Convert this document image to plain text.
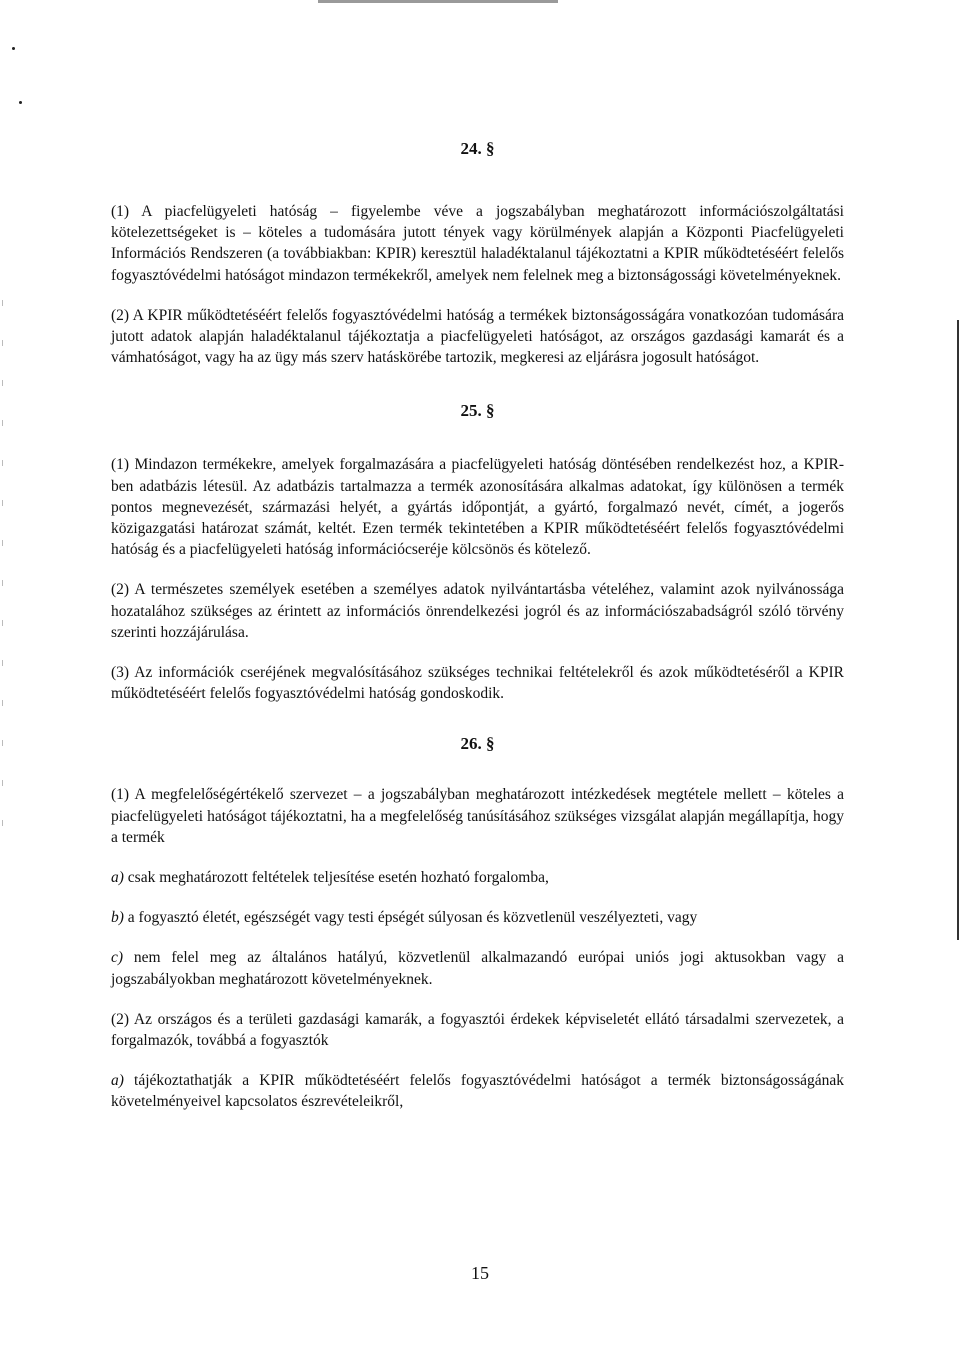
24. §

(1) A piacfelügyeleti hatóság – figyelembe véve a jogszabályban meghatározott információszolgáltatási kötelezettségeket is – köteles a tudomására jutott tények vagy körülmények alapján a Központi Piacfelügyeleti Információs Rendszeren (a továbbiakban: KPIR) keresztül haladéktalanul tájékoztatni a KPIR működtetéséért felelős fogyasztóvédelmi hatóságot mindazon termékekről, amelyek nem felelnek meg a biztonságossági követelményeknek.

(2) A KPIR működtetéséért felelős fogyasztóvédelmi hatóság a termékek biztonságosságára vonatkozóan tudomására jutott adatok alapján haladéktalanul tájékoztatja a piacfelügyeleti hatóságot, az országos gazdasági kamarát és a vámhatóságot, vagy ha az ügy más szerv hatáskörébe tartozik, megkeresi az eljárásra jogosult hatóságot.

25. §

(1) Mindazon termékekre, amelyek forgalmazására a piacfelügyeleti hatóság döntésében rendelkezést hoz, a KPIR-ben adatbázis létesül. Az adatbázis tartalmazza a termék azonosítására alkalmas adatokat, így különösen a termék pontos megnevezését, származási helyét, a gyártás időpontját, a gyártó, forgalmazó nevét, címét, a jogerős közigazgatási határozat számát, keltét. Ezen termék tekintetében a KPIR működtetéséért felelős fogyasztóvédelmi hatóság és a piacfelügyeleti hatóság információcseréje kölcsönös és kötelező.

(2) A természetes személyek esetében a személyes adatok nyilvántartásba vételéhez, valamint azok nyilvánossága hozatalához szükséges az érintett az információs önrendelkezési jogról és az információszabadságról szóló törvény szerinti hozzájárulása.

(3) Az információk cseréjének megvalósításához szükséges technikai feltételekről és azok működtetéséről a KPIR működtetéséért felelős fogyasztóvédelmi hatóság gondoskodik.

26. §

(1) A megfelelőségértékelő szervezet – a jogszabályban meghatározott intézkedések megtétele mellett – köteles a piacfelügyeleti hatóságot tájékoztatni, ha a megfelelőség tanúsításához szükséges vizsgálat alapján megállapítja, hogy a termék

a) csak meghatározott feltételek teljesítése esetén hozható forgalomba,

b) a fogyasztó életét, egészségét vagy testi épségét súlyosan és közvetlenül veszélyezteti, vagy

c) nem felel meg az általános hatályú, közvetlenül alkalmazandó európai uniós jogi aktusokban vagy a jogszabályokban meghatározott követelményeknek.

(2) Az országos és a területi gazdasági kamarák, a fogyasztói érdekek képviseletét ellátó társadalmi szervezetek, a forgalmazók, továbbá a fogyasztók

a) tájékoztathatják a KPIR működtetéséért felelős fogyasztóvédelmi hatóságot a termék biztonságosságának követelményeivel kapcsolatos észrevételeikről,

15
